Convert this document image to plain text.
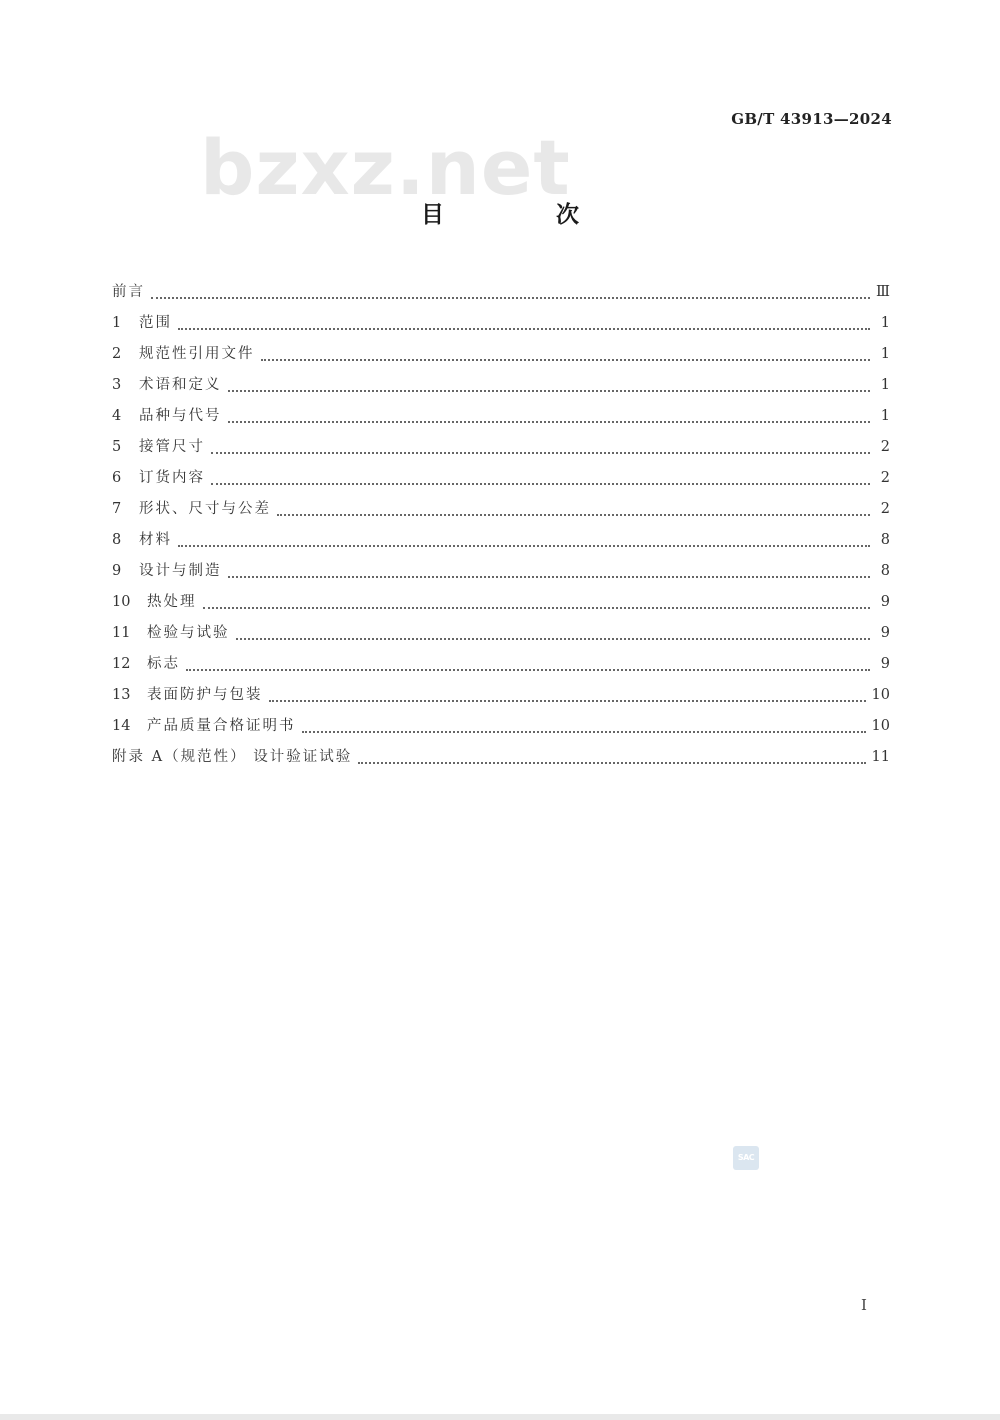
bzxz.net
GB/T 43913—2024
目 次
前言	Ⅲ
1	范围	1
2	规范性引用文件	1
3	术语和定义	1
4	品种与代号	1
5	接管尺寸	2
6	订货内容	2
7	形状、尺寸与公差	2
8	材料	8
9	设计与制造	8
10	热处理	9
11	检验与试验	9
12	标志	9
13	表面防护与包装	10
14	产品质量合格证明书	10
附录 A（规范性） 设计验证试验	11
SAC
I
